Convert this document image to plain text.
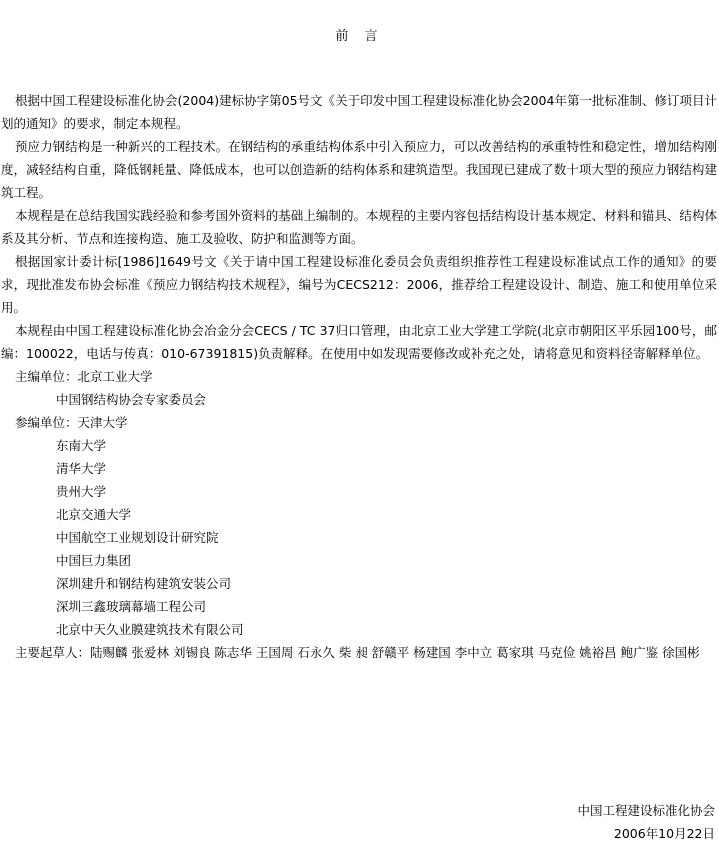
前 言

根据中国工程建设标准化协会(2004)建标协字第05号文《关于印发中国工程建设标准化协会2004年第一批标准制、修订项目计划的通知》的要求，制定本规程。

预应力钢结构是一种新兴的工程技术。在钢结构的承重结构体系中引入预应力，可以改善结构的承重特性和稳定性，增加结构刚度，减轻结构自重，降低钢耗量、降低成本，也可以创造新的结构体系和建筑造型。我国现已建成了数十项大型的预应力钢结构建筑工程。

本规程是在总结我国实践经验和参考国外资料的基础上编制的。本规程的主要内容包括结构设计基本规定、材料和锚具、结构体系及其分析、节点和连接构造、施工及验收、防护和监测等方面。

根据国家计委计标[1986]1649号文《关于请中国工程建设标准化委员会负责组织推荐性工程建设标准试点工作的通知》的要求，现批准发布协会标准《预应力钢结构技术规程》，编号为CECS212：2006，推荐给工程建设设计、制造、施工和使用单位采用。

本规程由中国工程建设标准化协会冶金分会CECS / TC 37归口管理，由北京工业大学建工学院(北京市朝阳区平乐园100号，邮编：100022，电话与传真：010-67391815)负责解释。在使用中如发现需要修改或补充之处，请将意见和资料径寄解释单位。

主编单位：北京工业大学
中国钢结构协会专家委员会
参编单位：天津大学
东南大学
清华大学
贵州大学
北京交通大学
中国航空工业规划设计研究院
中国巨力集团
深圳建升和钢结构建筑安装公司
深圳三鑫玻璃幕墙工程公司
北京中天久业膜建筑技术有限公司

主要起草人：陆赐麟 张爱林 刘锡良 陈志华 王国周 石永久 柴 昶 舒赣平 杨建国 李中立 葛家琪 马克俭 姚裕昌 鲍广鉴 徐国彬

中国工程建设标准化协会
2006年10月22日
